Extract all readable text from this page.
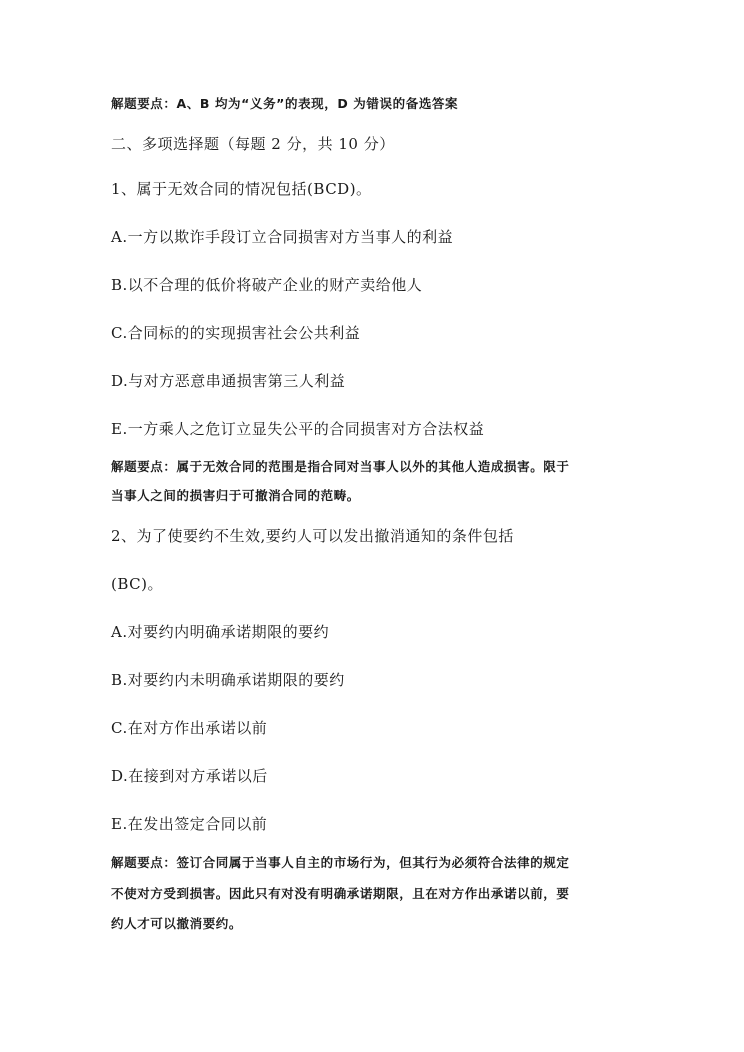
解题要点：A、B 均为“义务”的表现，D 为错误的备选答案
二、多项选择题（每题 2 分，共 10 分）
1、属于无效合同的情况包括(BCD)。
A.一方以欺诈手段订立合同损害对方当事人的利益
B.以不合理的低价将破产企业的财产卖给他人
C.合同标的的实现损害社会公共利益
D.与对方恶意串通损害第三人利益
E.一方乘人之危订立显失公平的合同损害对方合法权益
解题要点：属于无效合同的范围是指合同对当事人以外的其他人造成损害。限于
当事人之间的损害归于可撤消合同的范畴。
2、为了使要约不生效,要约人可以发出撤消通知的条件包括
(BC)。
A.对要约内明确承诺期限的要约
B.对要约内未明确承诺期限的要约
C.在对方作出承诺以前
D.在接到对方承诺以后
E.在发出签定合同以前
解题要点：签订合同属于当事人自主的市场行为，但其行为必须符合法律的规定
不使对方受到损害。因此只有对没有明确承诺期限，且在对方作出承诺以前，要
约人才可以撤消要约。
